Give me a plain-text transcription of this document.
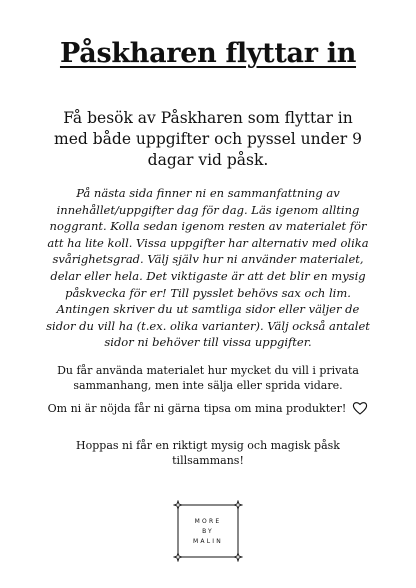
Påskharen flyttar in
Få besök av Påskharen som flyttar in med både uppgifter och pyssel under 9 dagar vid påsk.
På nästa sida finner ni en sammanfattning av innehållet/uppgifter dag för dag. Läs igenom allting noggrant. Kolla sedan igenom resten av materialet för att ha lite koll. Vissa uppgifter har alternativ med olika svårighetsgrad. Välj själv hur ni använder materialet, delar eller hela. Det viktigaste är att det blir en mysig påskvecka för er! Till pysslet behövs sax och lim. Antingen skriver du ut samtliga sidor eller väljer de sidor du vill ha (t.ex. olika varianter). Välj också antalet sidor ni behöver till vissa uppgifter.
Du får använda materialet hur mycket du vill i privata sammanhang, men inte sälja eller sprida vidare.
Om ni är nöjda får ni gärna tipsa om mina produkter!
Hoppas ni får en riktigt mysig och magisk påsk tillsammans!
MORE
BY
MALIN
